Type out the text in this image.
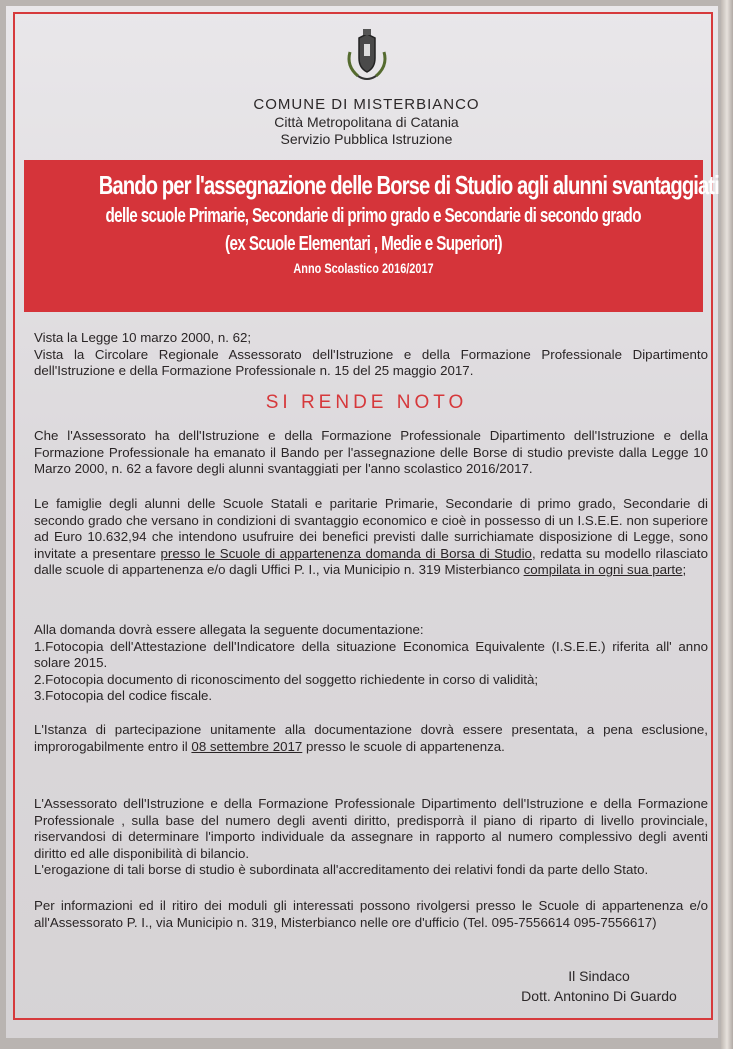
COMUNE DI MISTERBIANCO
Città Metropolitana di Catania
Servizio Pubblica Istruzione
Bando per l'assegnazione delle Borse di Studio agli alunni svantaggiati
delle scuole Primarie, Secondarie di primo grado e Secondarie di secondo grado
(ex Scuole Elementari , Medie e Superiori)
Anno Scolastico 2016/2017

Vista la Legge 10 marzo 2000, n. 62;

Vista la Circolare Regionale Assessorato dell'Istruzione e della Formazione Professionale Dipartimento dell'Istruzione e della Formazione Professionale n. 15 del 25 maggio 2017.

SI RENDE NOTO

Che l'Assessorato ha dell'Istruzione e della Formazione Professionale Dipartimento dell'Istruzione e della Formazione Professionale ha emanato il Bando per l'assegnazione delle Borse di studio previste dalla Legge 10 Marzo 2000, n. 62 a favore degli alunni svantaggiati per l'anno scolastico 2016/2017.

Le famiglie degli alunni delle Scuole Statali e paritarie Primarie, Secondarie di primo grado, Secondarie di secondo grado che versano in condizioni di svantaggio economico e cioè in possesso di un I.S.E.E. non superiore ad Euro 10.632,94 che intendono usufruire dei benefici previsti dalle surrichiamate disposizione di Legge, sono invitate a presentare presso le Scuole di appartenenza domanda di Borsa di Studio, redatta su modello rilasciato dalle scuole di appartenenza e/o dagli Uffici P. I., via Municipio n. 319 Misterbianco compilata in ogni sua parte;

Alla domanda dovrà essere allegata la seguente documentazione:

1.Fotocopia dell'Attestazione dell'Indicatore della situazione Economica Equivalente (I.S.E.E.) riferita all' anno solare 2015.

2.Fotocopia documento di riconoscimento del soggetto richiedente in corso di validità;

3.Fotocopia del codice fiscale.

L'Istanza di partecipazione unitamente alla documentazione dovrà essere presentata, a pena esclusione, improrogabilmente entro il 08 settembre 2017 presso le scuole di appartenenza.

L'Assessorato dell'Istruzione e della Formazione Professionale Dipartimento dell'Istruzione e della Formazione Professionale , sulla base del numero degli aventi diritto, predisporrà il piano di riparto di livello provinciale, riservandosi di determinare l'importo individuale da assegnare in rapporto al numero complessivo degli aventi diritto ed alle disponibilità di bilancio.

L'erogazione di tali borse di studio è subordinata all'accreditamento dei relativi fondi da parte dello Stato.

Per informazioni ed il ritiro dei moduli gli interessati possono rivolgersi presso le Scuole di appartenenza e/o all'Assessorato P. I., via Municipio n. 319, Misterbianco nelle ore d'ufficio (Tel. 095-7556614 095-7556617)

Il Sindaco
Dott. Antonino Di Guardo
